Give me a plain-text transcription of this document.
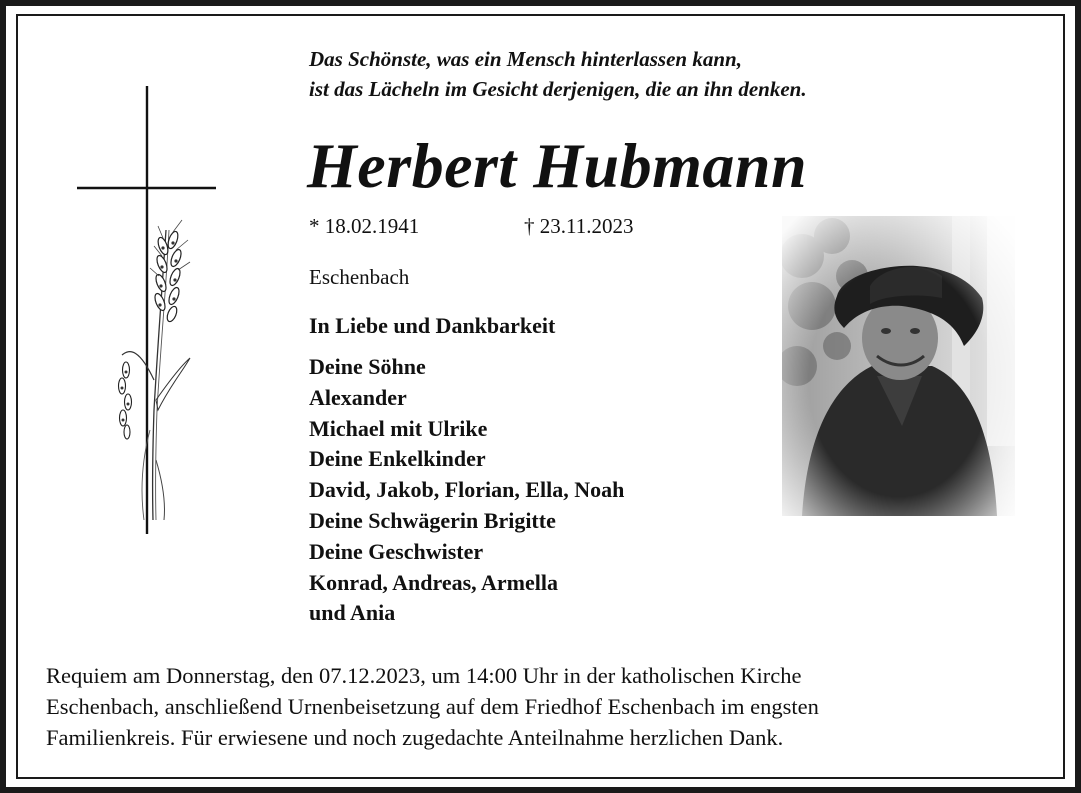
Das Schönste, was ein Mensch hinterlassen kann,
ist das Lächeln im Gesicht derjenigen, die an ihn denken.
Herbert Hubmann
* 18.02.1941	† 23.11.2023
Eschenbach
In Liebe und Dankbarkeit
Deine Söhne
Alexander
Michael mit Ulrike
Deine Enkelkinder
David, Jakob, Florian, Ella, Noah
Deine Schwägerin Brigitte
Deine Geschwister
Konrad, Andreas, Armella
und Ania
Requiem am Donnerstag, den 07.12.2023, um 14:00 Uhr in der katholischen Kirche
Eschenbach, anschließend Urnenbeisetzung auf dem Friedhof Eschenbach im engsten
Familienkreis. Für erwiesene und noch zugedachte Anteilnahme herzlichen Dank.
